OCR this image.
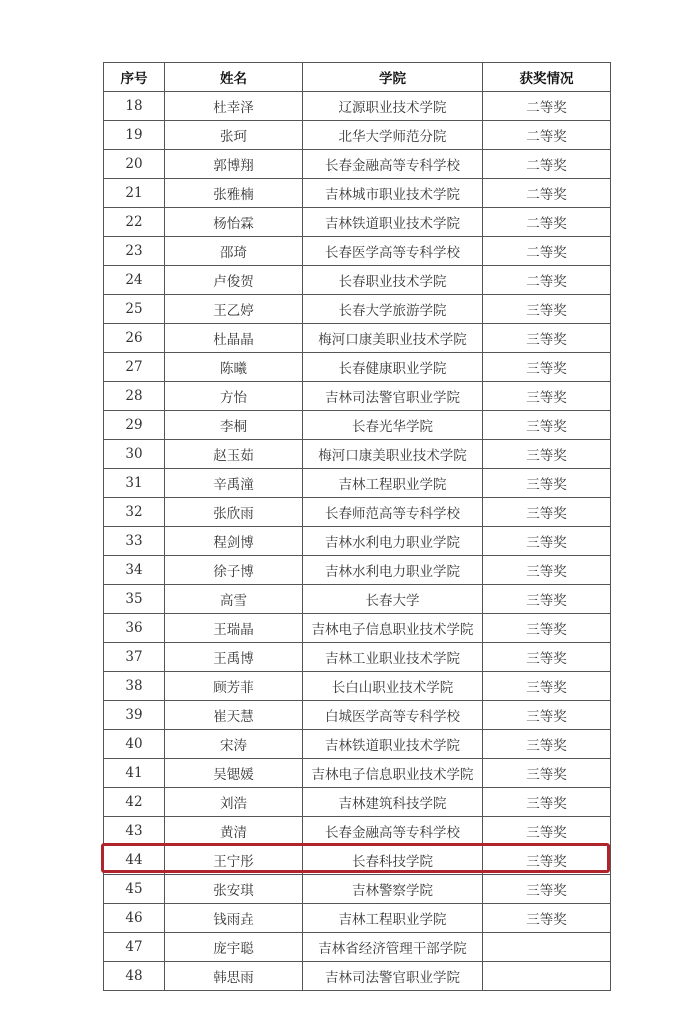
序号	姓名	学院	获奖情况
18	杜幸泽	辽源职业技术学院	二等奖
19	张珂	北华大学师范分院	二等奖
20	郭博翔	长春金融高等专科学校	二等奖
21	张雅楠	吉林城市职业技术学院	二等奖
22	杨怡霖	吉林铁道职业技术学院	二等奖
23	邵琦	长春医学高等专科学校	二等奖
24	卢俊贺	长春职业技术学院	二等奖
25	王乙婷	长春大学旅游学院	三等奖
26	杜晶晶	梅河口康美职业技术学院	三等奖
27	陈曦	长春健康职业学院	三等奖
28	方怡	吉林司法警官职业学院	三等奖
29	李桐	长春光华学院	三等奖
30	赵玉茹	梅河口康美职业技术学院	三等奖
31	辛禹潼	吉林工程职业学院	三等奖
32	张欣雨	长春师范高等专科学校	三等奖
33	程剑博	吉林水利电力职业学院	三等奖
34	徐子博	吉林水利电力职业学院	三等奖
35	高雪	长春大学	三等奖
36	王瑞晶	吉林电子信息职业技术学院	三等奖
37	王禹博	吉林工业职业技术学院	三等奖
38	顾芳菲	长白山职业技术学院	三等奖
39	崔天慧	白城医学高等专科学校	三等奖
40	宋涛	吉林铁道职业技术学院	三等奖
41	吴锶媛	吉林电子信息职业技术学院	三等奖
42	刘浩	吉林建筑科技学院	三等奖
43	黄清	长春金融高等专科学校	三等奖
44	王宁彤	长春科技学院	三等奖
45	张安琪	吉林警察学院	三等奖
46	钱雨垚	吉林工程职业学院	三等奖
47	庞宇聪	吉林省经济管理干部学院	
48	韩思雨	吉林司法警官职业学院	
